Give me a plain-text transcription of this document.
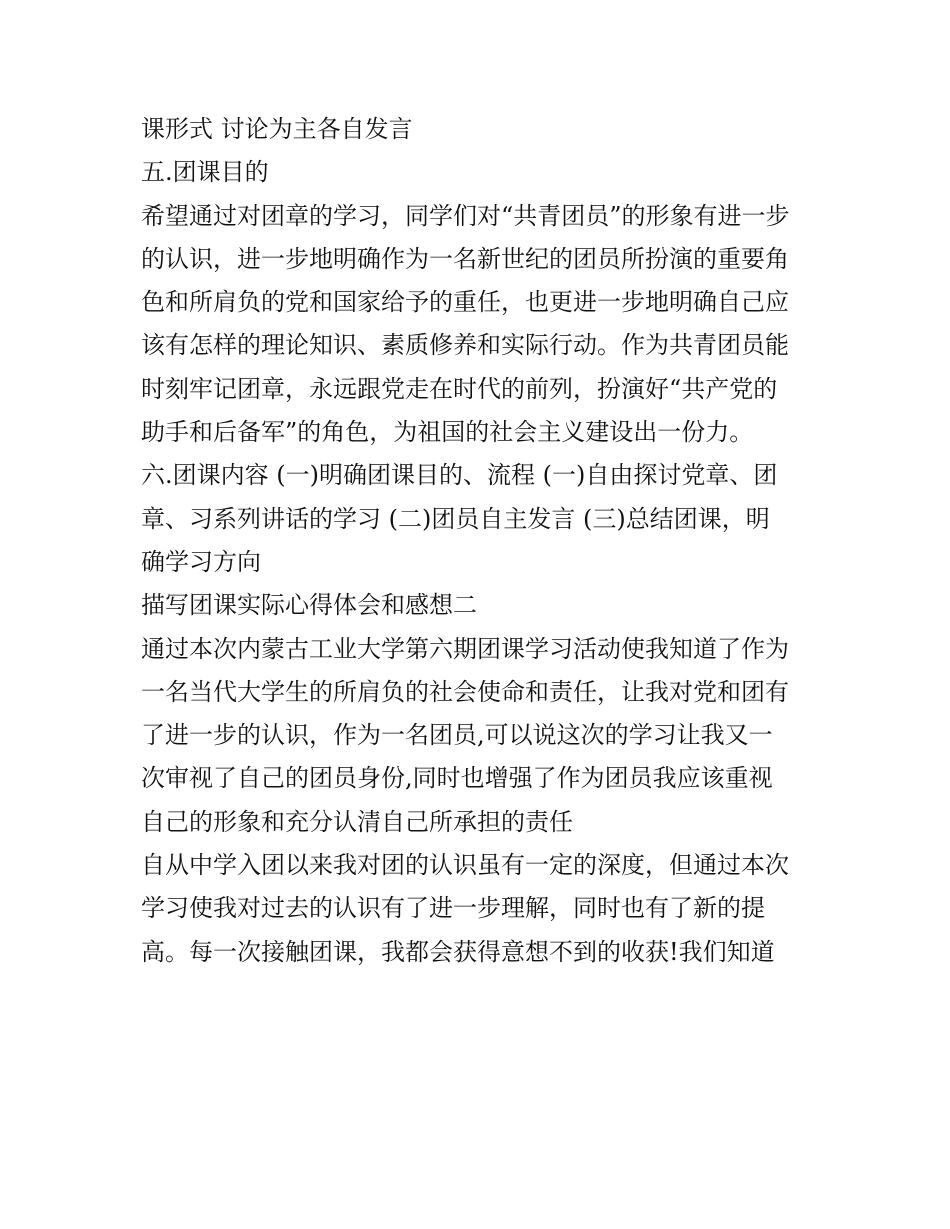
课形式 讨论为主各自发言
五.团课目的
希望通过对团章的学习，同学们对“共青团员”的形象有进一步
的认识，进一步地明确作为一名新世纪的团员所扮演的重要角
色和所肩负的党和国家给予的重任，也更进一步地明确自己应
该有怎样的理论知识、素质修养和实际行动。作为共青团员能
时刻牢记团章，永远跟党走在时代的前列，扮演好“共产党的
助手和后备军”的角色，为祖国的社会主义建设出一份力。
六.团课内容 (一)明确团课目的、流程 (一)自由探讨党章、团
章、习系列讲话的学习 (二)团员自主发言 (三)总结团课，明
确学习方向
描写团课实际心得体会和感想二
通过本次内蒙古工业大学第六期团课学习活动使我知道了作为
一名当代大学生的所肩负的社会使命和责任，让我对党和团有
了进一步的认识，作为一名团员,可以说这次的学习让我又一
次审视了自己的团员身份,同时也增强了作为团员我应该重视
自己的形象和充分认清自己所承担的责任
自从中学入团以来我对团的认识虽有一定的深度，但通过本次
学习使我对过去的认识有了进一步理解，同时也有了新的提
高。每一次接触团课，我都会获得意想不到的收获!我们知道
